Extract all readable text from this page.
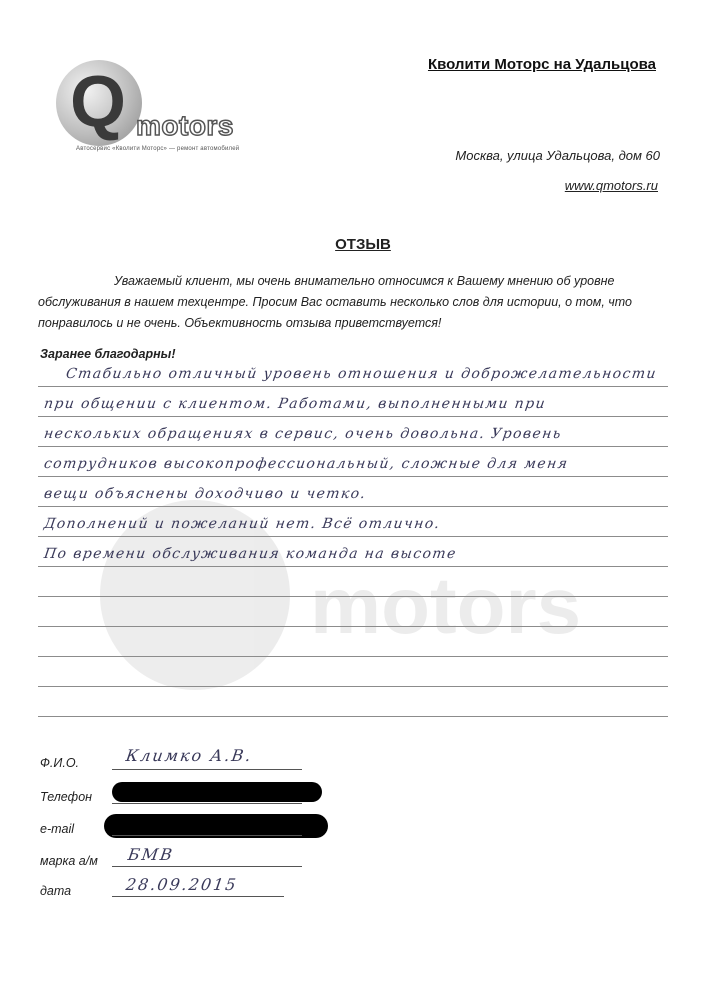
Q motors
Автосервис «Кволити Моторс» — ремонт автомобилей
Кволити Моторс на Удальцова
Москва, улица Удальцова, дом 60
www.qmotors.ru
ОТЗЫВ
Уважаемый клиент, мы очень внимательно относимся к Вашему мнению об уровне обслуживания в нашем техцентре. Просим Вас оставить несколько слов для истории, о том, что понравилось и не очень. Объективность отзыва приветствуется!
Заранее благодарны!
motors
Стабильно отличный уровень отношения и доброжелательности
при общении с клиентом. Работами, выполненными при
нескольких обращениях в сервис, очень довольна. Уровень
сотрудников высокопрофессиональный, сложные для меня
вещи объяснены доходчиво и четко.
Дополнений и пожеланий нет. Всё отлично.
По времени обслуживания команда на высоте
Ф.И.О.	Климко А.В.
Телефон
e-mail
марка а/м БМВ
дата	28.09.2015
